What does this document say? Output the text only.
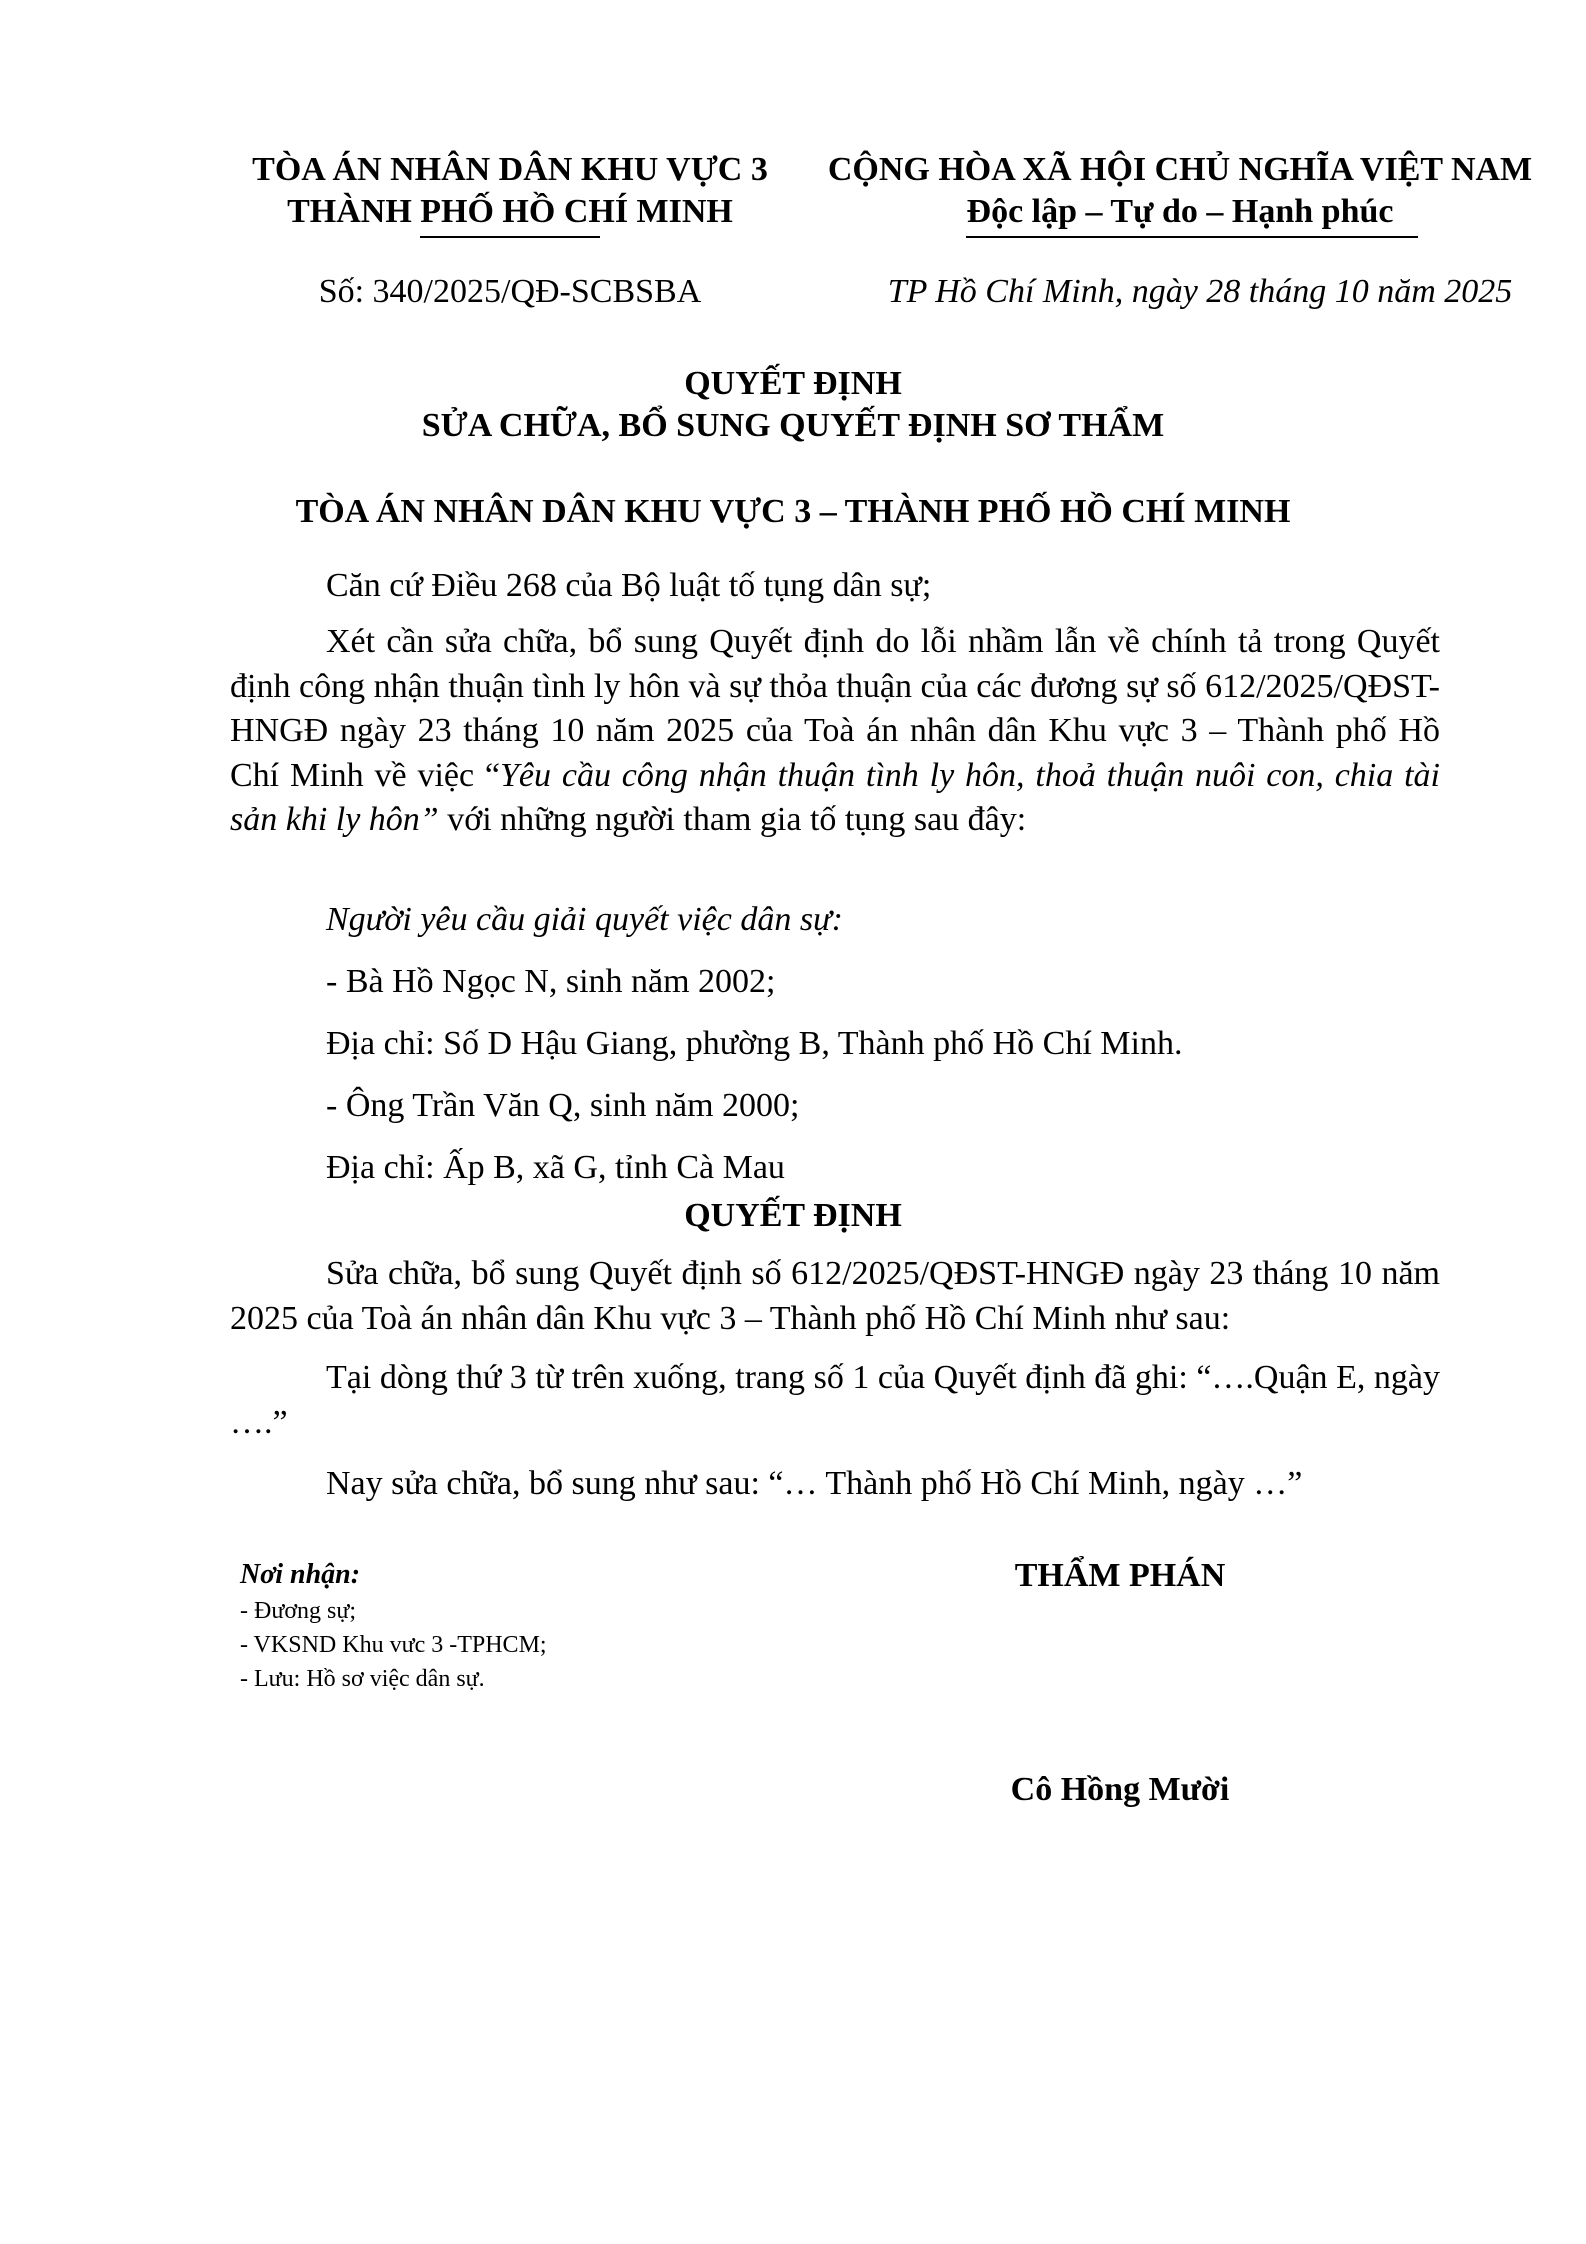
TÒA ÁN NHÂN DÂN KHU VỰC 3
THÀNH PHỐ HỒ CHÍ MINH
CỘNG HÒA XÃ HỘI CHỦ NGHĨA VIỆT NAM
Độc lập – Tự do – Hạnh phúc
Số: 340/2025/QĐ-SCBSBA	TP Hồ Chí Minh, ngày 28 tháng 10 năm 2025
QUYẾT ĐỊNH
SỬA CHỮA, BỔ SUNG QUYẾT ĐỊNH SƠ THẨM
TÒA ÁN NHÂN DÂN KHU VỰC 3 – THÀNH PHỐ HỒ CHÍ MINH
Căn cứ Điều 268 của Bộ luật tố tụng dân sự;
Xét cần sửa chữa, bổ sung Quyết định do lỗi nhầm lẫn về chính tả trong Quyết định công nhận thuận tình ly hôn và sự thỏa thuận của các đương sự số 612/2025/QĐST-HNGĐ ngày 23 tháng 10 năm 2025 của Toà án nhân dân Khu vực 3 – Thành phố Hồ Chí Minh về việc “Yêu cầu công nhận thuận tình ly hôn, thoả thuận nuôi con, chia tài sản khi ly hôn” với những người tham gia tố tụng sau đây:
Người yêu cầu giải quyết việc dân sự:
- Bà Hồ Ngọc N, sinh năm 2002;
Địa chỉ: Số D Hậu Giang, phường B, Thành phố Hồ Chí Minh.
- Ông Trần Văn Q, sinh năm 2000;
Địa chỉ: Ấp B, xã G, tỉnh Cà Mau
QUYẾT ĐỊNH
Sửa chữa, bổ sung Quyết định số 612/2025/QĐST-HNGĐ ngày 23 tháng 10 năm 2025 của Toà án nhân dân Khu vực 3 – Thành phố Hồ Chí Minh như sau:
Tại dòng thứ 3 từ trên xuống, trang số 1 của Quyết định đã ghi: “….Quận E, ngày ….”
Nay sửa chữa, bổ sung như sau: “… Thành phố Hồ Chí Minh, ngày …”
Nơi nhận:
- Đương sự;
- VKSND Khu vưc 3 -TPHCM;
- Lưu: Hồ sơ việc dân sự.
THẨM PHÁN
Cô Hồng Mười
